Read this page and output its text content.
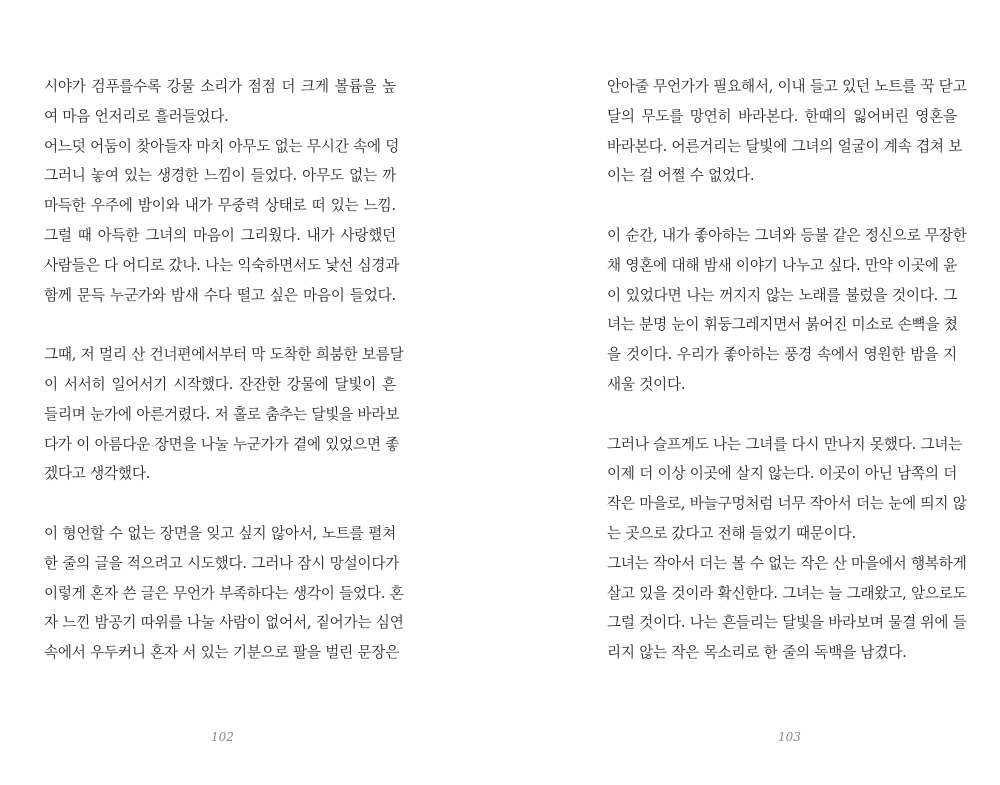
시야가 검푸를수록 강물 소리가 점점 더 크게 볼륨을 높
여 마음 언저리로 흘러들었다.
어느덧 어둠이 찾아들자 마치 아무도 없는 무시간 속에 덩
그러니 놓여 있는 생경한 느낌이 들었다. 아무도 없는 까
마득한 우주에 밤이와 내가 무중력 상태로 떠 있는 느낌.
그럴 때 아득한 그녀의 마음이 그리웠다. 내가 사랑했던
사람들은 다 어디로 갔나. 나는 익숙하면서도 낯선 심경과
함께 문득 누군가와 밤새 수다 떨고 싶은 마음이 들었다.
그때, 저 멀리 산 건너편에서부터 막 도착한 희붐한 보름달
이 서서히 일어서기 시작했다. 잔잔한 강물에 달빛이 흔
들리며 눈가에 아른거렸다. 저 홀로 춤추는 달빛을 바라보
다가 이 아름다운 장면을 나눌 누군가가 곁에 있었으면 좋
겠다고 생각했다.
이 형언할 수 없는 장면을 잊고 싶지 않아서, 노트를 펼쳐
한 줄의 글을 적으려고 시도했다. 그러나 잠시 망설이다가
이렇게 혼자 쓴 글은 무언가 부족하다는 생각이 들었다. 혼
자 느낀 밤공기 따위를 나눌 사람이 없어서, 짙어가는 심연
속에서 우두커니 혼자 서 있는 기분으로 팔을 벌린 문장은
102
안아줄 무언가가 필요해서, 이내 들고 있던 노트를 꾹 닫고
달의 무도를 망연히 바라본다. 한때의 잃어버린 영혼을
바라본다. 어른거리는 달빛에 그녀의 얼굴이 계속 겹쳐 보
이는 걸 어쩔 수 없었다.
이 순간, 내가 좋아하는 그녀와 등불 같은 정신으로 무장한
채 영혼에 대해 밤새 이야기 나누고 싶다. 만약 이곳에 윤
이 있었다면 나는 꺼지지 않는 노래를 불렀을 것이다. 그
녀는 분명 눈이 휘둥그레지면서 붉어진 미소로 손뼉을 쳤
을 것이다. 우리가 좋아하는 풍경 속에서 영원한 밤을 지
새울 것이다.
그러나 슬프게도 나는 그녀를 다시 만나지 못했다. 그녀는
이제 더 이상 이곳에 살지 않는다. 이곳이 아닌 남쪽의 더
작은 마을로, 바늘구멍처럼 너무 작아서 더는 눈에 띄지 않
는 곳으로 갔다고 전해 들었기 때문이다.
그녀는 작아서 더는 볼 수 없는 작은 산 마을에서 행복하게
살고 있을 것이라 확신한다. 그녀는 늘 그래왔고, 앞으로도
그럴 것이다. 나는 흔들리는 달빛을 바라보며 물결 위에 들
리지 않는 작은 목소리로 한 줄의 독백을 남겼다.
103
